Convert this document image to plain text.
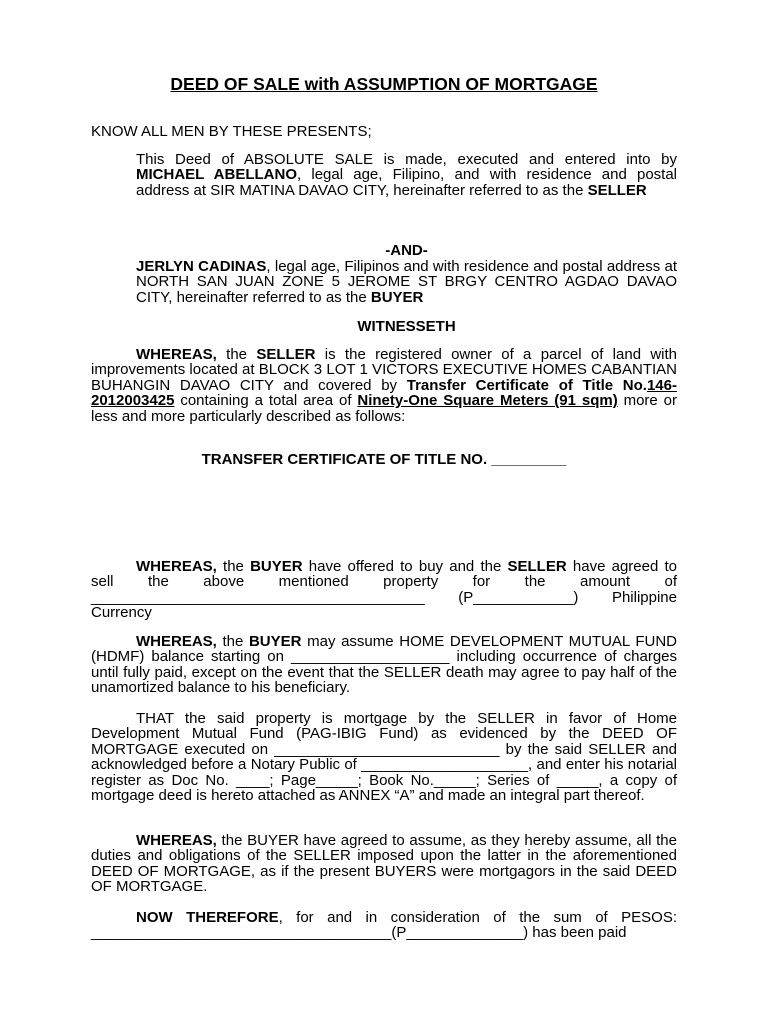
DEED OF SALE with ASSUMPTION OF MORTGAGE
KNOW ALL MEN BY THESE PRESENTS;
This Deed of ABSOLUTE SALE is made, executed and entered into by MICHAEL ABELLANO, legal age, Filipino, and with residence and postal address at SIR MATINA DAVAO CITY, hereinafter referred to as the SELLER
-AND-
JERLYN CADINAS, legal age, Filipinos and with residence and postal address at NORTH SAN JUAN ZONE 5 JEROME ST BRGY CENTRO AGDAO DAVAO CITY, hereinafter referred to as the BUYER
WITNESSETH
WHEREAS, the SELLER is the registered owner of a parcel of land with improvements located at BLOCK 3 LOT 1 VICTORS EXECUTIVE HOMES CABANTIAN BUHANGIN DAVAO CITY and covered by Transfer Certificate of Title No.146-2012003425 containing a total area of Ninety-One Square Meters (91 sqm) more or less and more particularly described as follows:
TRANSFER CERTIFICATE OF TITLE NO. _________
WHEREAS, the BUYER have offered to buy and the SELLER have agreed to sell the above mentioned property for the amount of ________________________________________ (P____________) Philippine Currency
WHEREAS, the BUYER may assume HOME DEVELOPMENT MUTUAL FUND (HDMF) balance starting on ___________________ including occurrence of charges until fully paid, except on the event that the SELLER death may agree to pay half of the unamortized balance to his beneficiary.
THAT the said property is mortgage by the SELLER in favor of Home Development Mutual Fund (PAG-IBIG Fund) as evidenced by the DEED OF MORTGAGE executed on ___________________________ by the said SELLER and acknowledged before a Notary Public of ____________________, and enter his notarial register as Doc No. ____; Page_____; Book No._____; Series of _____, a copy of mortgage deed is hereto attached as ANNEX “A” and made an integral part thereof.
WHEREAS, the BUYER have agreed to assume, as they hereby assume, all the duties and obligations of the SELLER imposed upon the latter in the aforementioned DEED OF MORTGAGE, as if the present BUYERS were mortgagors in the said DEED OF MORTGAGE.
NOW THEREFORE, for and in consideration of the sum of PESOS: ____________________________________(P______________) has been paid
